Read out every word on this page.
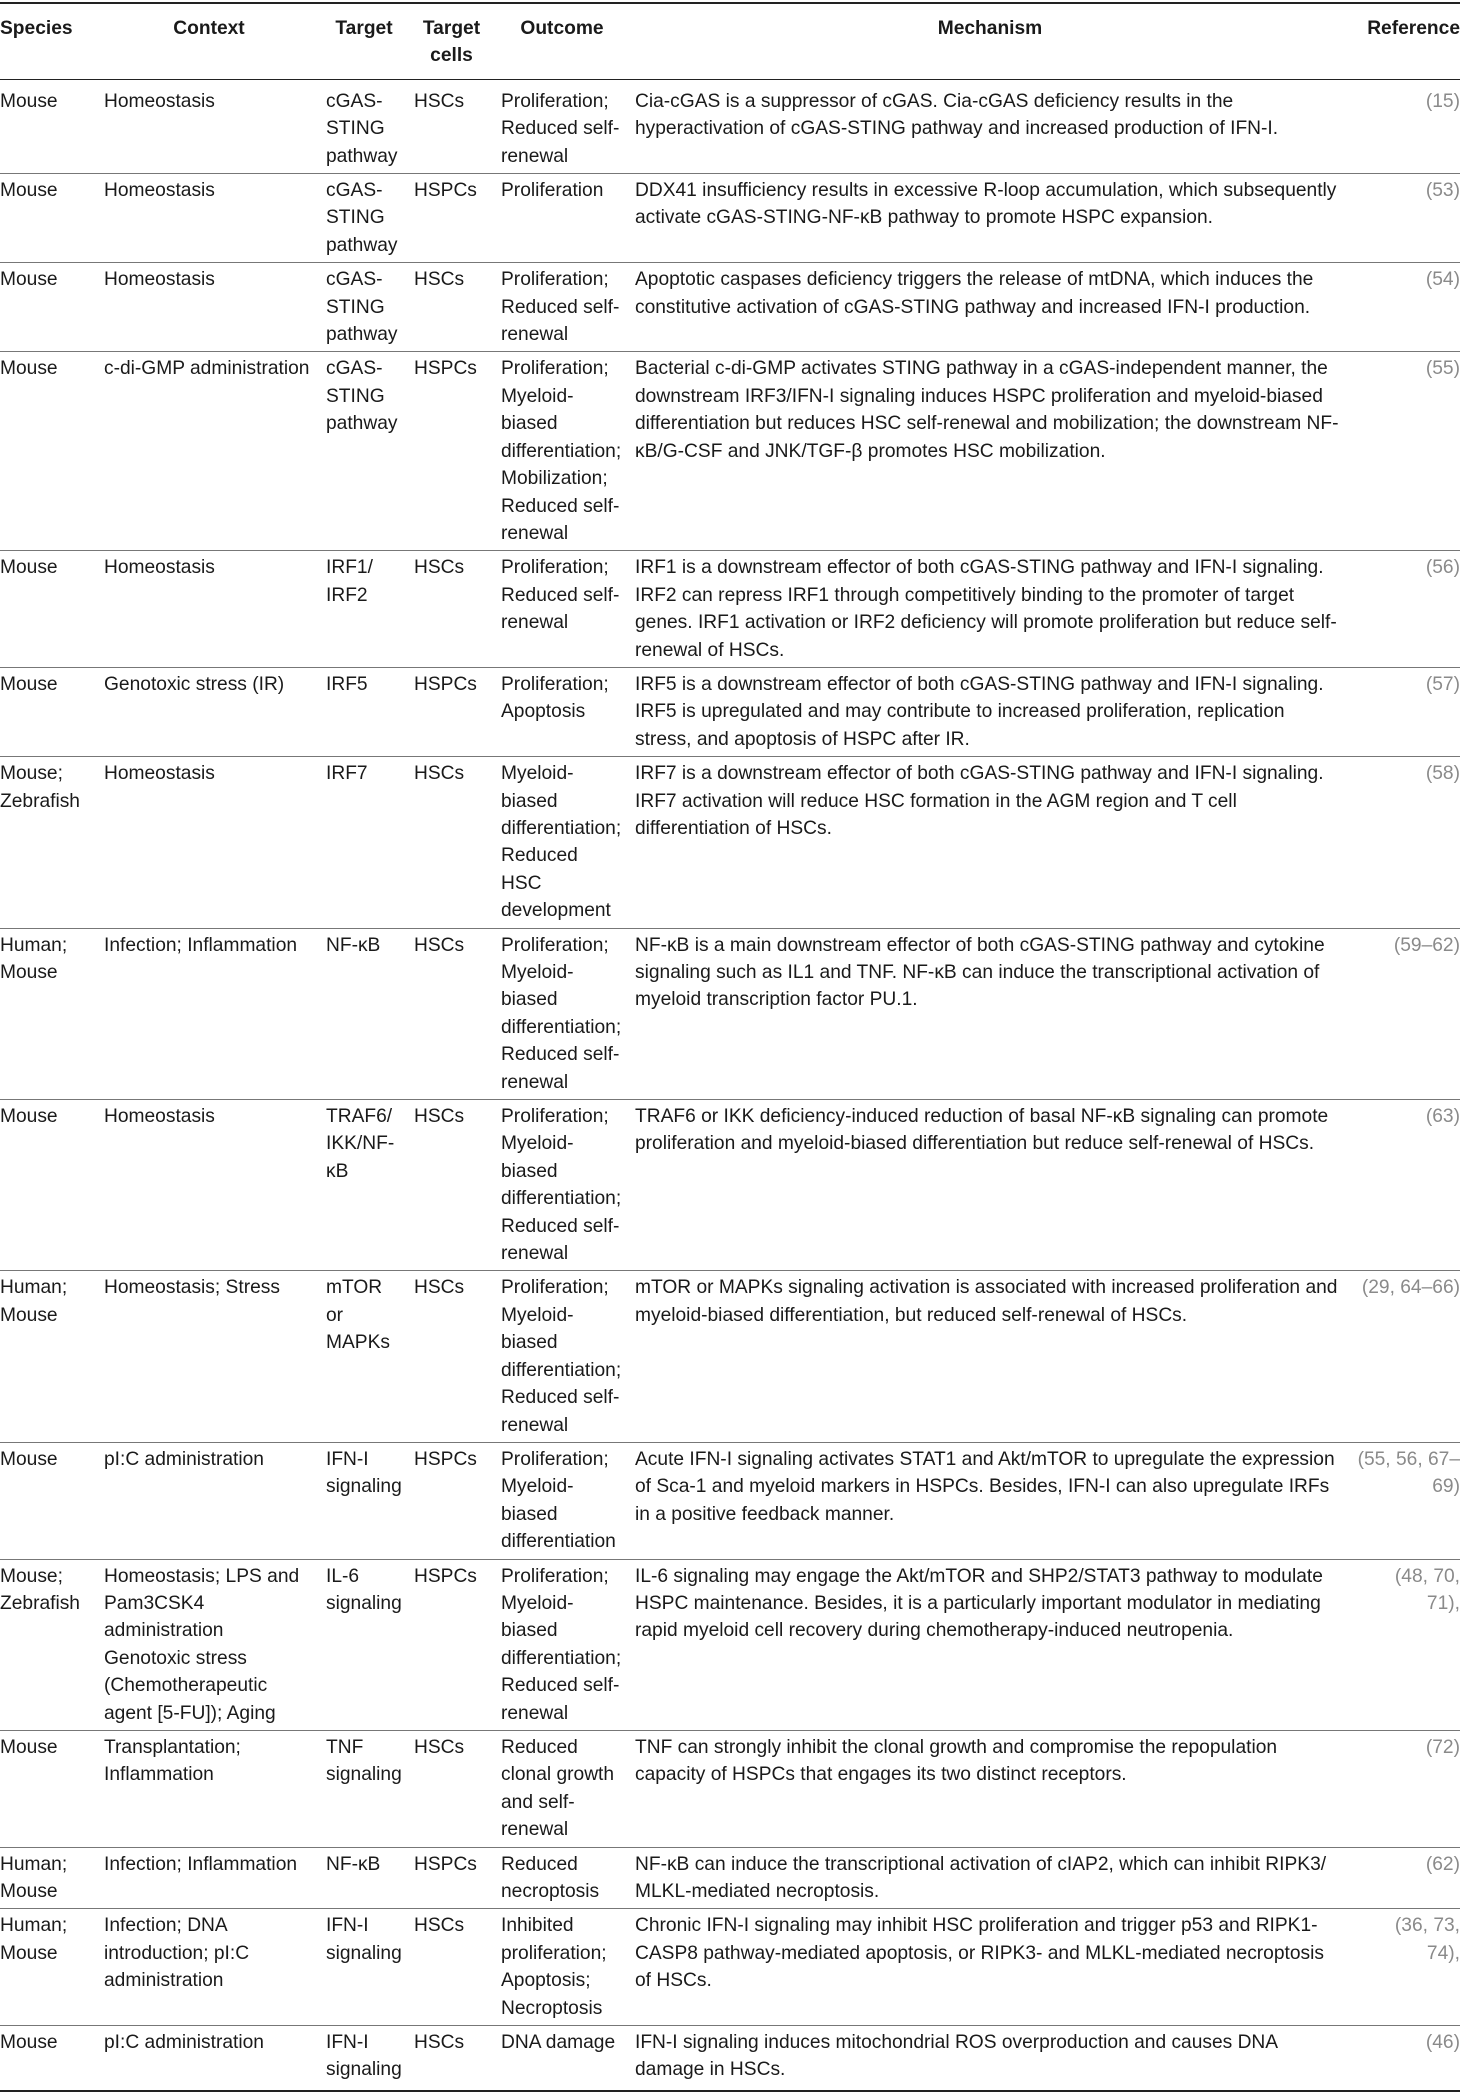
Species	Context	Target	Target cells	Outcome	Mechanism	Reference
Mouse	Homeostasis	cGAS-STING pathway	HSCs	Proliferation; Reduced self-renewal	Cia-cGAS is a suppressor of cGAS. Cia-cGAS deficiency results in the hyperactivation of cGAS-STING pathway and increased production of IFN-I.	(15)
Mouse	Homeostasis	cGAS-STING pathway	HSPCs	Proliferation	DDX41 insufficiency results in excessive R-loop accumulation, which subsequently activate cGAS-STING-NF-κB pathway to promote HSPC expansion.	(53)
Mouse	Homeostasis	cGAS-STING pathway	HSCs	Proliferation; Reduced self-renewal	Apoptotic caspases deficiency triggers the release of mtDNA, which induces the constitutive activation of cGAS-STING pathway and increased IFN-I production.	(54)
Mouse	c-di-GMP administration	cGAS-STING pathway	HSPCs	Proliferation; Myeloid-biased differentiation; Mobilization; Reduced self-renewal	Bacterial c-di-GMP activates STING pathway in a cGAS-independent manner, the downstream IRF3/IFN-I signaling induces HSPC proliferation and myeloid-biased differentiation but reduces HSC self-renewal and mobilization; the downstream NF-κB/G-CSF and JNK/TGF-β promotes HSC mobilization.	(55)
Mouse	Homeostasis	IRF1/ IRF2	HSCs	Proliferation; Reduced self-renewal	IRF1 is a downstream effector of both cGAS-STING pathway and IFN-I signaling. IRF2 can repress IRF1 through competitively binding to the promoter of target genes. IRF1 activation or IRF2 deficiency will promote proliferation but reduce self-renewal of HSCs.	(56)
Mouse	Genotoxic stress (IR)	IRF5	HSPCs	Proliferation; Apoptosis	IRF5 is a downstream effector of both cGAS-STING pathway and IFN-I signaling. IRF5 is upregulated and may contribute to increased proliferation, replication stress, and apoptosis of HSPC after IR.	(57)
Mouse; Zebrafish	Homeostasis	IRF7	HSCs	Myeloid-biased differentiation; Reduced HSC development	IRF7 is a downstream effector of both cGAS-STING pathway and IFN-I signaling. IRF7 activation will reduce HSC formation in the AGM region and T cell differentiation of HSCs.	(58)
Human; Mouse	Infection; Inflammation	NF-κB	HSCs	Proliferation; Myeloid-biased differentiation; Reduced self-renewal	NF-κB is a main downstream effector of both cGAS-STING pathway and cytokine signaling such as IL1 and TNF. NF-κB can induce the transcriptional activation of myeloid transcription factor PU.1.	(59–62)
Mouse	Homeostasis	TRAF6/ IKK/NF-κB	HSCs	Proliferation; Myeloid-biased differentiation; Reduced self-renewal	TRAF6 or IKK deficiency-induced reduction of basal NF-κB signaling can promote proliferation and myeloid-biased differentiation but reduce self-renewal of HSCs.	(63)
Human; Mouse	Homeostasis; Stress	mTOR or MAPKs	HSCs	Proliferation; Myeloid-biased differentiation; Reduced self-renewal	mTOR or MAPKs signaling activation is associated with increased proliferation and myeloid-biased differentiation, but reduced self-renewal of HSCs.	(29, 64–66)
Mouse	pI:C administration	IFN-I signaling	HSPCs	Proliferation; Myeloid-biased differentiation	Acute IFN-I signaling activates STAT1 and Akt/mTOR to upregulate the expression of Sca-1 and myeloid markers in HSPCs. Besides, IFN-I can also upregulate IRFs in a positive feedback manner.	(55, 56, 67–69)
Mouse; Zebrafish	Homeostasis; LPS and Pam3CSK4 administration Genotoxic stress (Chemotherapeutic agent [5-FU]); Aging	IL-6 signaling	HSPCs	Proliferation; Myeloid-biased differentiation; Reduced self-renewal	IL-6 signaling may engage the Akt/mTOR and SHP2/STAT3 pathway to modulate HSPC maintenance. Besides, it is a particularly important modulator in mediating rapid myeloid cell recovery during chemotherapy-induced neutropenia.	(48, 70, 71),
Mouse	Transplantation; Inflammation	TNF signaling	HSCs	Reduced clonal growth and self-renewal	TNF can strongly inhibit the clonal growth and compromise the repopulation capacity of HSPCs that engages its two distinct receptors.	(72)
Human; Mouse	Infection; Inflammation	NF-κB	HSPCs	Reduced necroptosis	NF-κB can induce the transcriptional activation of cIAP2, which can inhibit RIPK3/ MLKL-mediated necroptosis.	(62)
Human; Mouse	Infection; DNA introduction; pI:C administration	IFN-I signaling	HSCs	Inhibited proliferation; Apoptosis; Necroptosis	Chronic IFN-I signaling may inhibit HSC proliferation and trigger p53 and RIPK1-CASP8 pathway-mediated apoptosis, or RIPK3- and MLKL-mediated necroptosis of HSCs.	(36, 73, 74),
Mouse	pI:C administration	IFN-I signaling	HSCs	DNA damage	IFN-I signaling induces mitochondrial ROS overproduction and causes DNA damage in HSCs.	(46)
